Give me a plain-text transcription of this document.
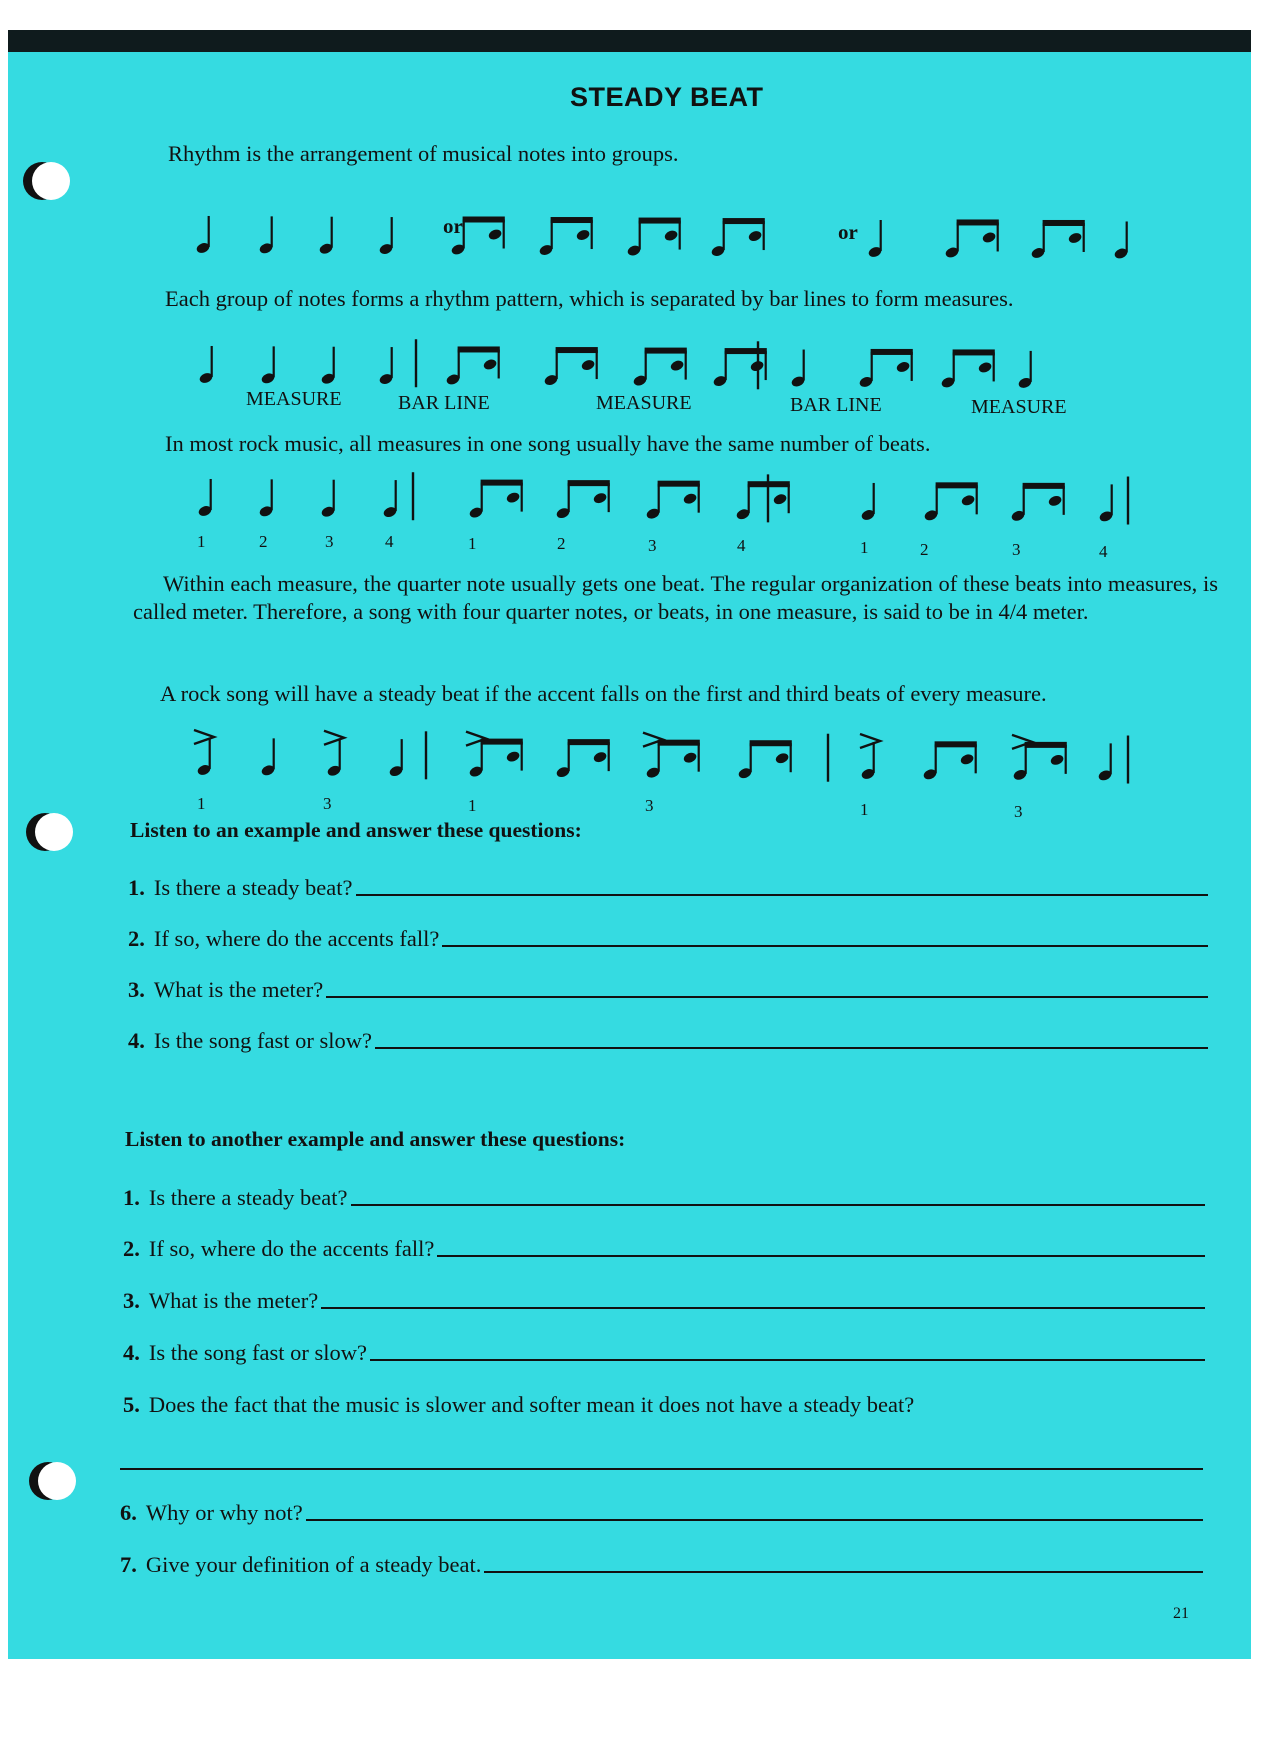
STEADY BEAT
Rhythm is the arrangement of musical notes into groups.
or	or
Each group of notes forms a rhythm pattern, which is separated by bar lines to form measures.
MEASURE	BAR LINE	MEASURE	BAR LINE	MEASURE
In most rock music, all measures in one song usually have the same number of beats.
1	2	3	4	1	2	3	4	1	2	3	4
Within each measure, the quarter note usually gets one beat. The regular organization of these beats into measures, is called meter. Therefore, a song with four quarter notes, or beats, in one measure, is said to be in 4/4 meter.
A rock song will have a steady beat if the accent falls on the first and third beats of every measure.
1	3	1	3	1	3
Listen to an example and answer these questions:
1. Is there a steady beat?
2. If so, where do the accents fall?
3. What is the meter?
4. Is the song fast or slow?
Listen to another example and answer these questions:
1. Is there a steady beat?
2. If so, where do the accents fall?
3. What is the meter?
4. Is the song fast or slow?
5. Does the fact that the music is slower and softer mean it does not have a steady beat?
6. Why or why not?
7. Give your definition of a steady beat.
21
